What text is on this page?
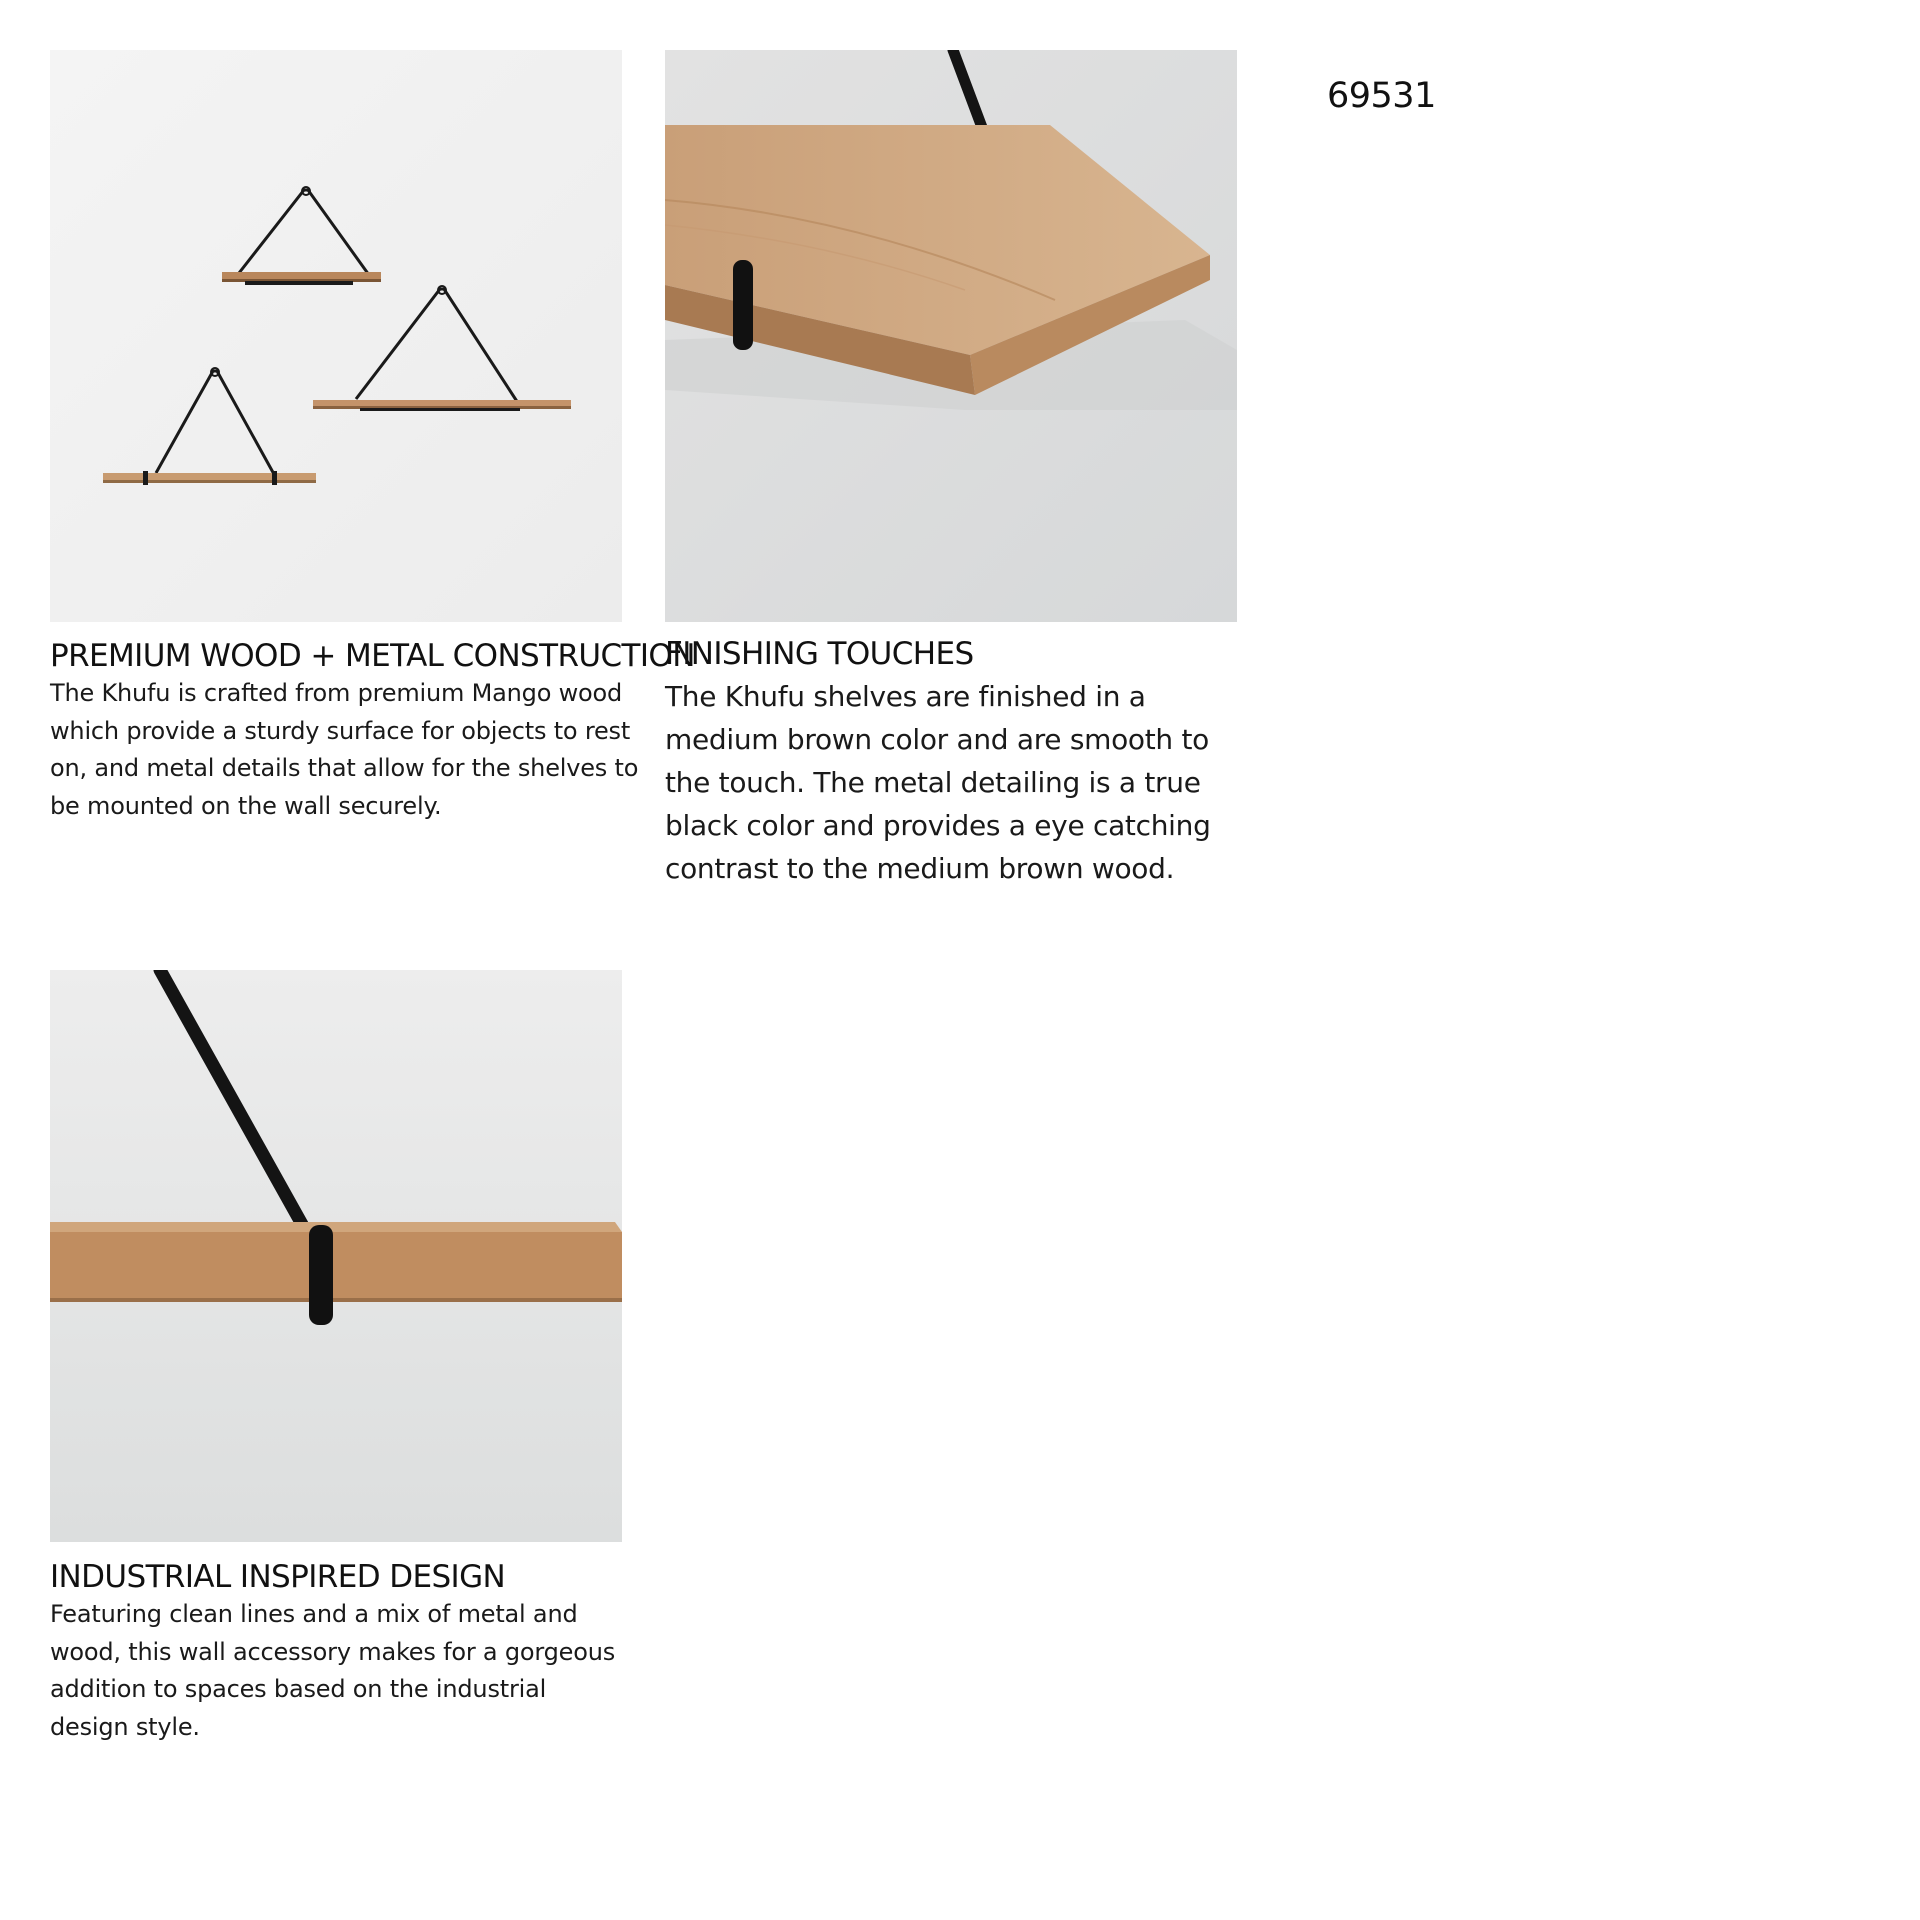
PREMIUM WOOD + METAL CONSTRUCTION
The Khufu is crafted from premium Mango wood which provide a sturdy surface for objects to rest on, and metal details that allow for the shelves to be mounted on the wall securely.
FINISHING TOUCHES
The Khufu shelves are finished in a medium brown color and are smooth to the touch. The metal detailing is a true black color and provides a eye catching contrast to the medium brown wood.
INDUSTRIAL INSPIRED DESIGN
Featuring clean lines and a mix of metal and wood, this wall accessory makes for a gorgeous addition to spaces based on the industrial design style.
69531
